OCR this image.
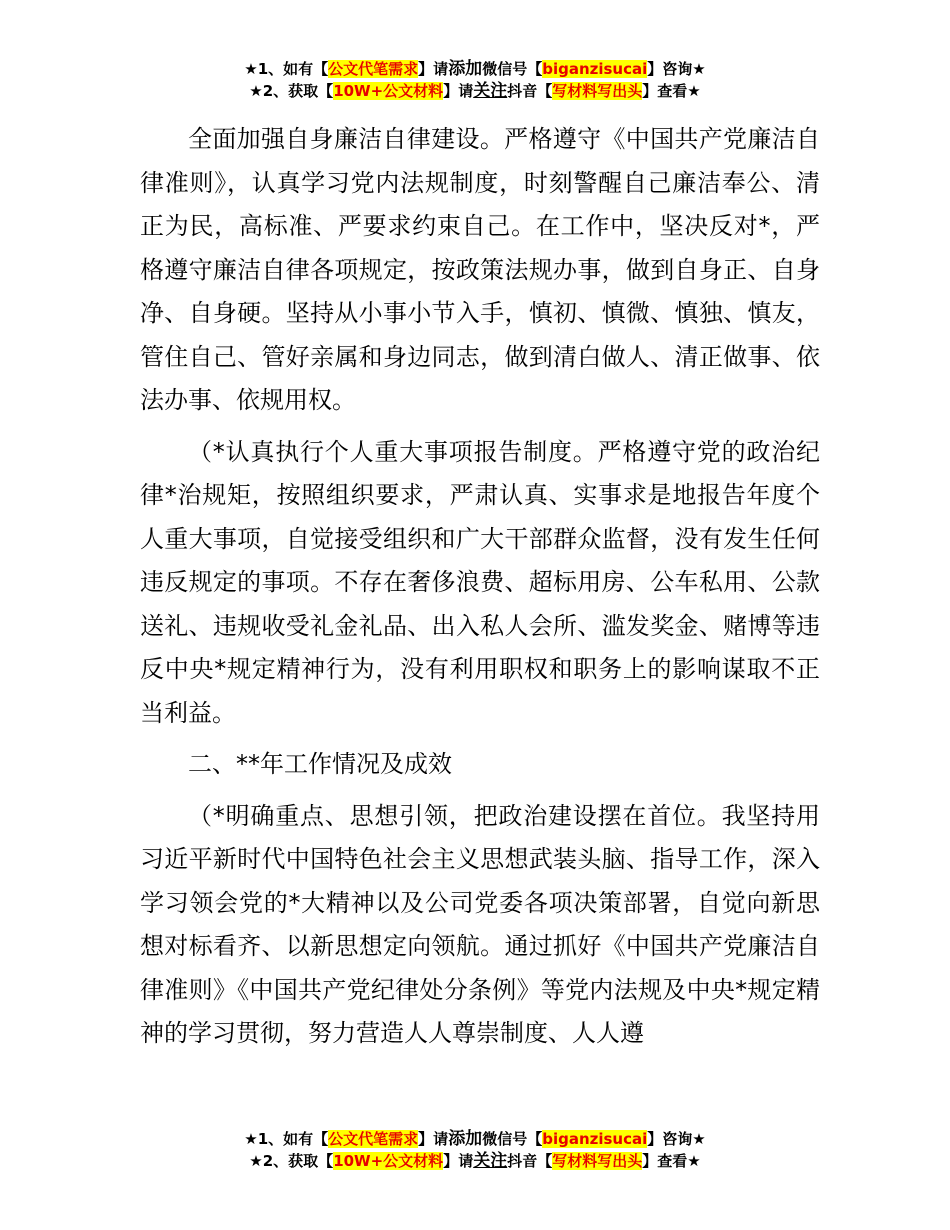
★1、如有【公文代笔需求】请添加微信号【biganzisucai】咨询★
★2、获取【10W+公文材料】请关注抖音【写材料写出头】查看★

全面加强自身廉洁自律建设。严格遵守《中国共产党廉洁自律准则》，认真学习党内法规制度，时刻警醒自己廉洁奉公、清正为民，高标准、严要求约束自己。在工作中，坚决反对*，严格遵守廉洁自律各项规定，按政策法规办事，做到自身正、自身净、自身硬。坚持从小事小节入手，慎初、慎微、慎独、慎友，管住自己、管好亲属和身边同志，做到清白做人、清正做事、依法办事、依规用权。

（*认真执行个人重大事项报告制度。严格遵守党的政治纪律*治规矩，按照组织要求，严肃认真、实事求是地报告年度个人重大事项，自觉接受组织和广大干部群众监督，没有发生任何违反规定的事项。不存在奢侈浪费、超标用房、公车私用、公款送礼、违规收受礼金礼品、出入私人会所、滥发奖金、赌博等违反中央*规定精神行为，没有利用职权和职务上的影响谋取不正当利益。

二、**年工作情况及成效

（*明确重点、思想引领，把政治建设摆在首位。我坚持用习近平新时代中国特色社会主义思想武装头脑、指导工作，深入学习领会党的*大精神以及公司党委各项决策部署，自觉向新思想对标看齐、以新思想定向领航。通过抓好《中国共产党廉洁自律准则》《中国共产党纪律处分条例》等党内法规及中央*规定精神的学习贯彻，努力营造人人尊崇制度、人人遵

★1、如有【公文代笔需求】请添加微信号【biganzisucai】咨询★
★2、获取【10W+公文材料】请关注抖音【写材料写出头】查看★
